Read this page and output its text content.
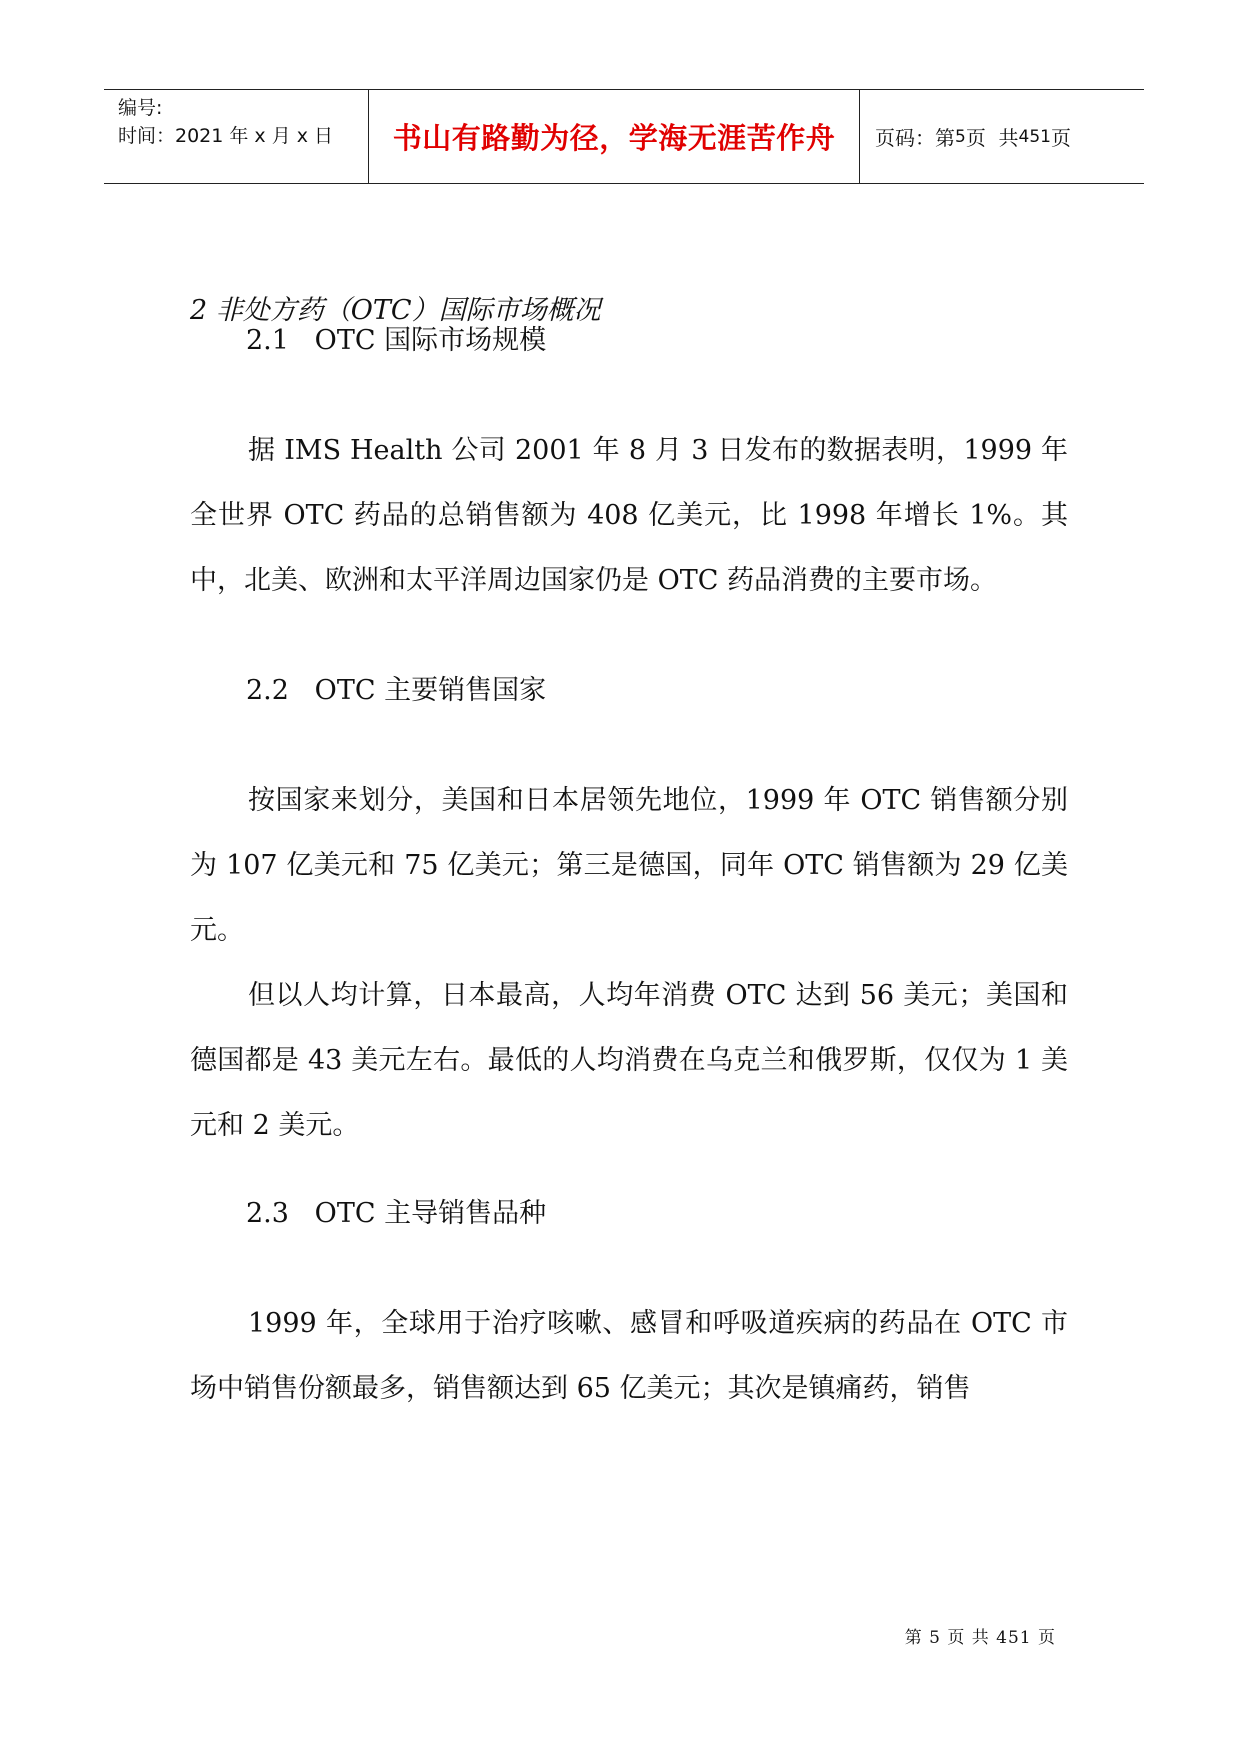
编号:
时间：2021 年 x 月 x 日	书山有路勤为径，学海无涯苦作舟	页码：第 5 页  共 451 页
2 非处方药（OTC）国际市场概况
2.1   OTC 国际市场规模

据 IMS Health 公司 2001 年 8 月 3 日发布的数据表明，1999 年全世界 OTC 药品的总销售额为 408 亿美元，比 1998 年增长 1%。其中，北美、欧洲和太平洋周边国家仍是 OTC 药品消费的主要市场。

2.2   OTC 主要销售国家

按国家来划分，美国和日本居领先地位，1999 年 OTC 销售额分别为 107 亿美元和 75 亿美元；第三是德国，同年 OTC 销售额为 29 亿美元。

但以人均计算，日本最高，人均年消费 OTC 达到 56 美元；美国和德国都是 43 美元左右。最低的人均消费在乌克兰和俄罗斯，仅仅为 1 美元和 2 美元。

2.3   OTC 主导销售品种

1999 年，全球用于治疗咳嗽、感冒和呼吸道疾病的药品在 OTC 市场中销售份额最多，销售额达到 65 亿美元；其次是镇痛药，销售

第 5 页 共 451 页
